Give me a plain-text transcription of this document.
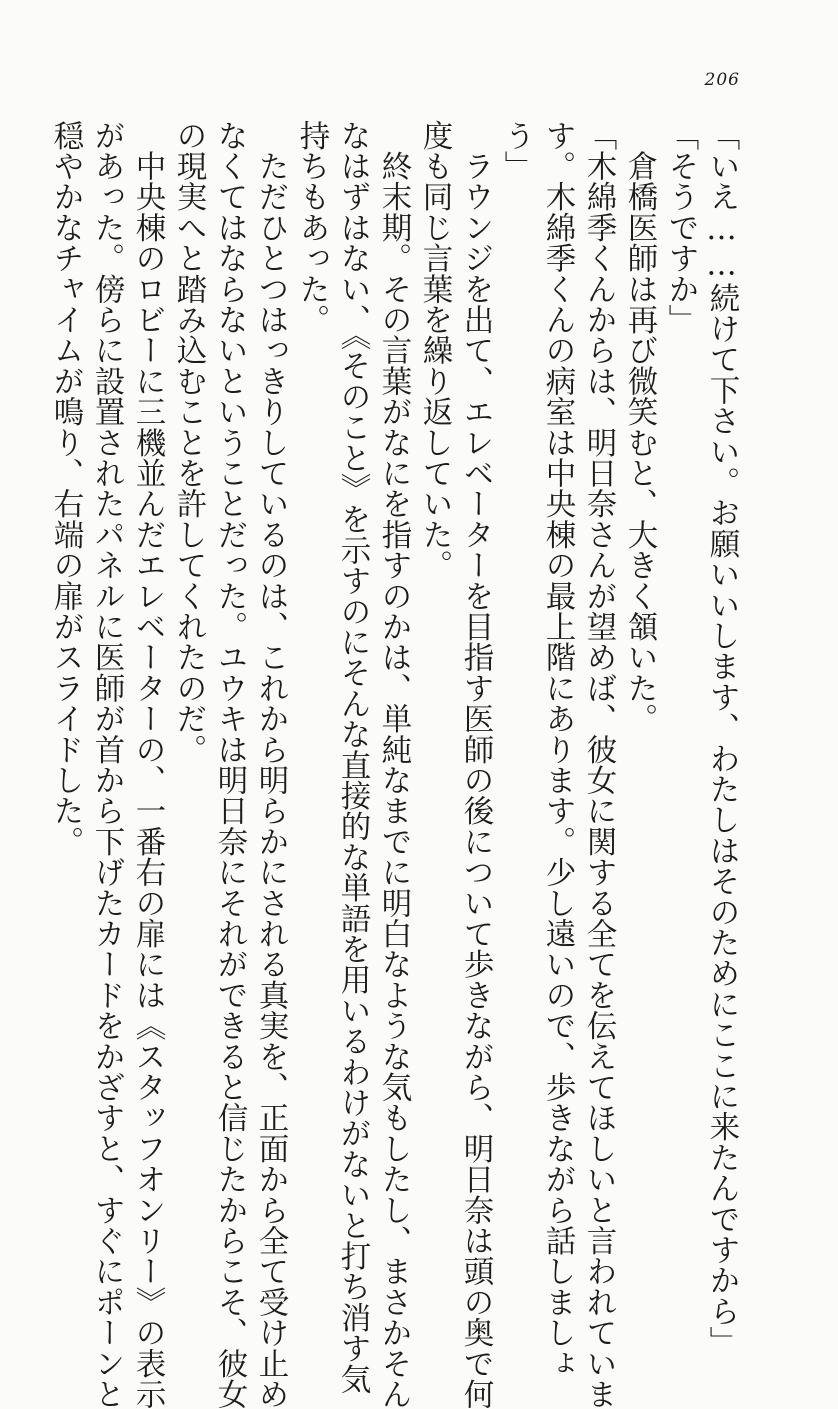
206

「いえ……続けて下さい。お願いいします、わたしはそのためにここに来たんですから」

「そうですか」

　倉橋医師は再び微笑むと、大きく頷いた。

「木綿季くんからは、明日奈さんが望めば、彼女に関する全てを伝えてほしいと言われていま

す。木綿季くんの病室は中央棟の最上階にあります。少し遠いので、歩きながら話しましょ

う」

　ラウンジを出て、エレベーターを目指す医師の後について歩きながら、明日奈は頭の奥で何

度も同じ言葉を繰り返していた。

　終末期。その言葉がなにを指すのかは、単純なまでに明白なような気もしたし、まさかそん

なはずはない、《そのこと》を示すのにそんな直接的な単語を用いるわけがないと打ち消す気

持ちもあった。

　ただひとつはっきりしているのは、これから明らかにされる真実を、正面から全て受け止め

なくてはならないということだった。ユウキは明日奈にそれができると信じたからこそ、彼女

の現実へと踏み込むことを許してくれたのだ。

　中央棟のロビーに三機並んだエレベーターの、一番右の扉には《スタッフオンリー》の表示

があった。傍らに設置されたパネルに医師が首から下げたカードをかざすと、すぐにポーンと

穏やかなチャイムが鳴り、右端の扉がスライドした。
